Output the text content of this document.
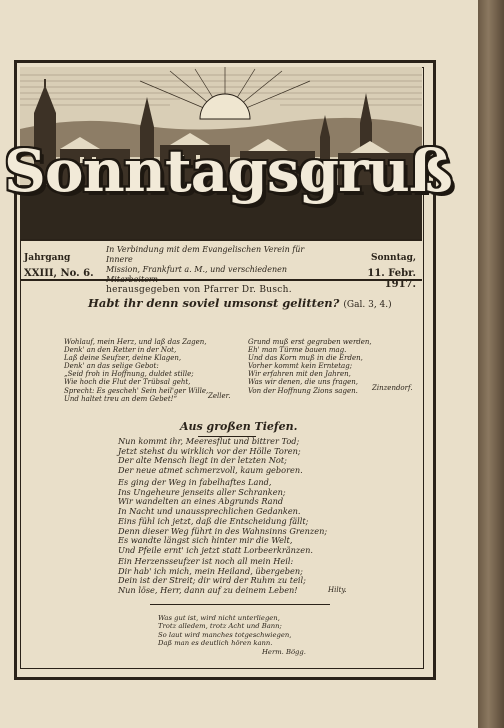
Sonntagsgruß
Jahrgang
XXIII, No. 6.
In Verbindung mit dem Evangelischen Verein für Innere
Mission, Frankfurt a. M., und verschiedenen Mitarbeitern
herausgegeben von Pfarrer Dr. Busch.
Sonntag,
11. Febr. 1917.
Habt ihr denn soviel umsonst gelitten? (Gal. 3, 4.)
Wohlauf, mein Herz, und laß das Zagen,
Denk' an den Retter in der Not,
Laß deine Seufzer, deine Klagen,
Denk' an das selige Gebot:
„Seid froh in Hoffnung, duldet stille;
Wie hoch die Flut der Trübsal geht,
Sprecht: Es gescheh' Sein heil'ger Wille,
Und haltet treu an dem Gebet!“	Zeller.
Grund muß erst gegraben werden,
Eh' man Türme bauen mag.
Und das Korn muß in die Erden,
Vorher kommt kein Erntetag;
Wir erfahren mit den Jahren,
Was wir denen, die uns fragen,
Von der Hoffnung Zions sagen.	Zinzendorf.
Aus großen Tiefen.
Nun kommt ihr, Meeresflut und bittrer Tod;
Jetzt stehst du wirklich vor der Hölle Toren;
Der alte Mensch liegt in der letzten Not;
Der neue atmet schmerzvoll, kaum geboren.
Es ging der Weg in fabelhaftes Land,
Ins Ungeheure jenseits aller Schranken;
Wir wandelten an eines Abgrunds Rand
In Nacht und unaussprechlichen Gedanken.
Eins fühl ich jetzt, daß die Entscheidung fällt;
Denn dieser Weg führt in des Wahnsinns Grenzen;
Es wandte längst sich hinter mir die Welt,
Und Pfeile ernt' ich jetzt statt Lorbeerkränzen.
Ein Herzensseufzer ist noch all mein Heil:
Dir hab' ich mich, mein Heiland, übergeben;
Dein ist der Streit; dir wird der Ruhm zu teil;
Nun löse, Herr, dann auf zu deinem Leben!	Hilty.
Was gut ist, wird nicht unterliegen,
Trotz alledem, trotz Acht und Bann;
So laut wird manches totgeschwiegen,
Daß man es deutlich hören kann.
Herm. Bögg.
